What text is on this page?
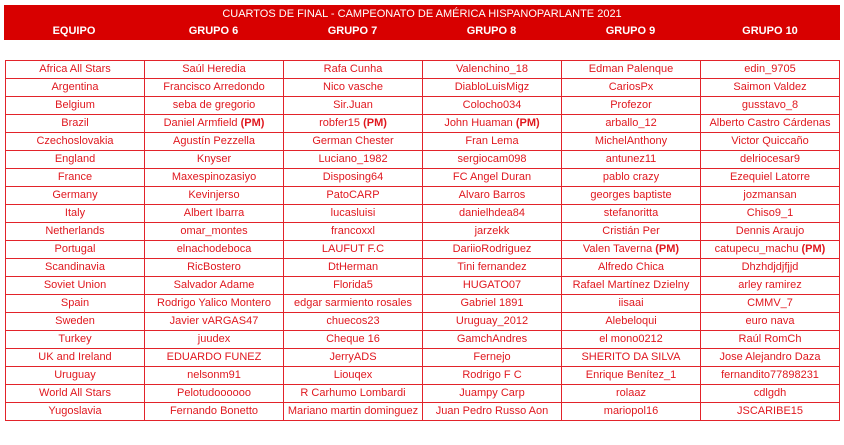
CUARTOS DE FINAL - CAMPEONATO DE AMÉRICA HISPANOPARLANTE 2021
EQUIPO	GRUPO 6	GRUPO 7	GRUPO 8	GRUPO 9	GRUPO 10
Africa All Stars	Saúl Heredia	Rafa Cunha	Valenchino_18	Edman Palenque	edin_9705
Argentina	Francisco Arredondo	Nico vasche	DiabloLuisMigz	CariosPx	Saimon Valdez
Belgium	seba de gregorio	Sir.Juan	Colocho034	Profezor	gusstavo_8
Brazil	Daniel Armfield (PM)	robfer15 (PM)	John Huaman (PM)	arballo_12	Alberto Castro Cárdenas
Czechoslovakia	Agustín Pezzella	German Chester	Fran Lema	MichelAnthony	Victor Quiccaño
England	Knyser	Luciano_1982	sergiocam098	antunez11	delriocesar9
France	Maxespinozasiyo	Disposing64	FC Angel Duran	pablo crazy	Ezequiel Latorre
Germany	Kevinjerso	PatoCARP	Alvaro Barros	georges baptiste	jozmansan
Italy	Albert Ibarra	lucasluisi	danielhdea84	stefanoritta	Chiso9_1
Netherlands	omar_montes	francoxxl	jarzekk	Cristián Per	Dennis Araujo
Portugal	elnachodeboca	LAUFUT F.C	DariioRodriguez	Valen Taverna (PM)	catupecu_machu (PM)
Scandinavia	RicBostero	DtHerman	Tini fernandez	Alfredo Chica	Dhzhdjdjfjjd
Soviet Union	Salvador Adame	Florida5	HUGATO07	Rafael Martínez Dzielny	arley ramirez
Spain	Rodrigo Yalico Montero	edgar sarmiento rosales	Gabriel 1891	iisaai	CMMV_7
Sweden	Javier vARGAS47	chuecos23	Uruguay_2012	Alebeloqui	euro nava
Turkey	juudex	Cheque 16	GamchAndres	el mono0212	Raúl RomCh
UK and Ireland	EDUARDO FUNEZ	JerryADS	Fernejo	SHERITO DA SILVA	Jose Alejandro Daza
Uruguay	nelsonm91	Liouqex	Rodrigo F C	Enrique Benítez_1	fernandito77898231
World All Stars	Pelotudoooooo	R Carhumo Lombardi	Juampy Carp	rolaaz	cdlgdh
Yugoslavia	Fernando Bonetto	Mariano martin dominguez	Juan Pedro Russo Aon	mariopol16	JSCARIBE15
